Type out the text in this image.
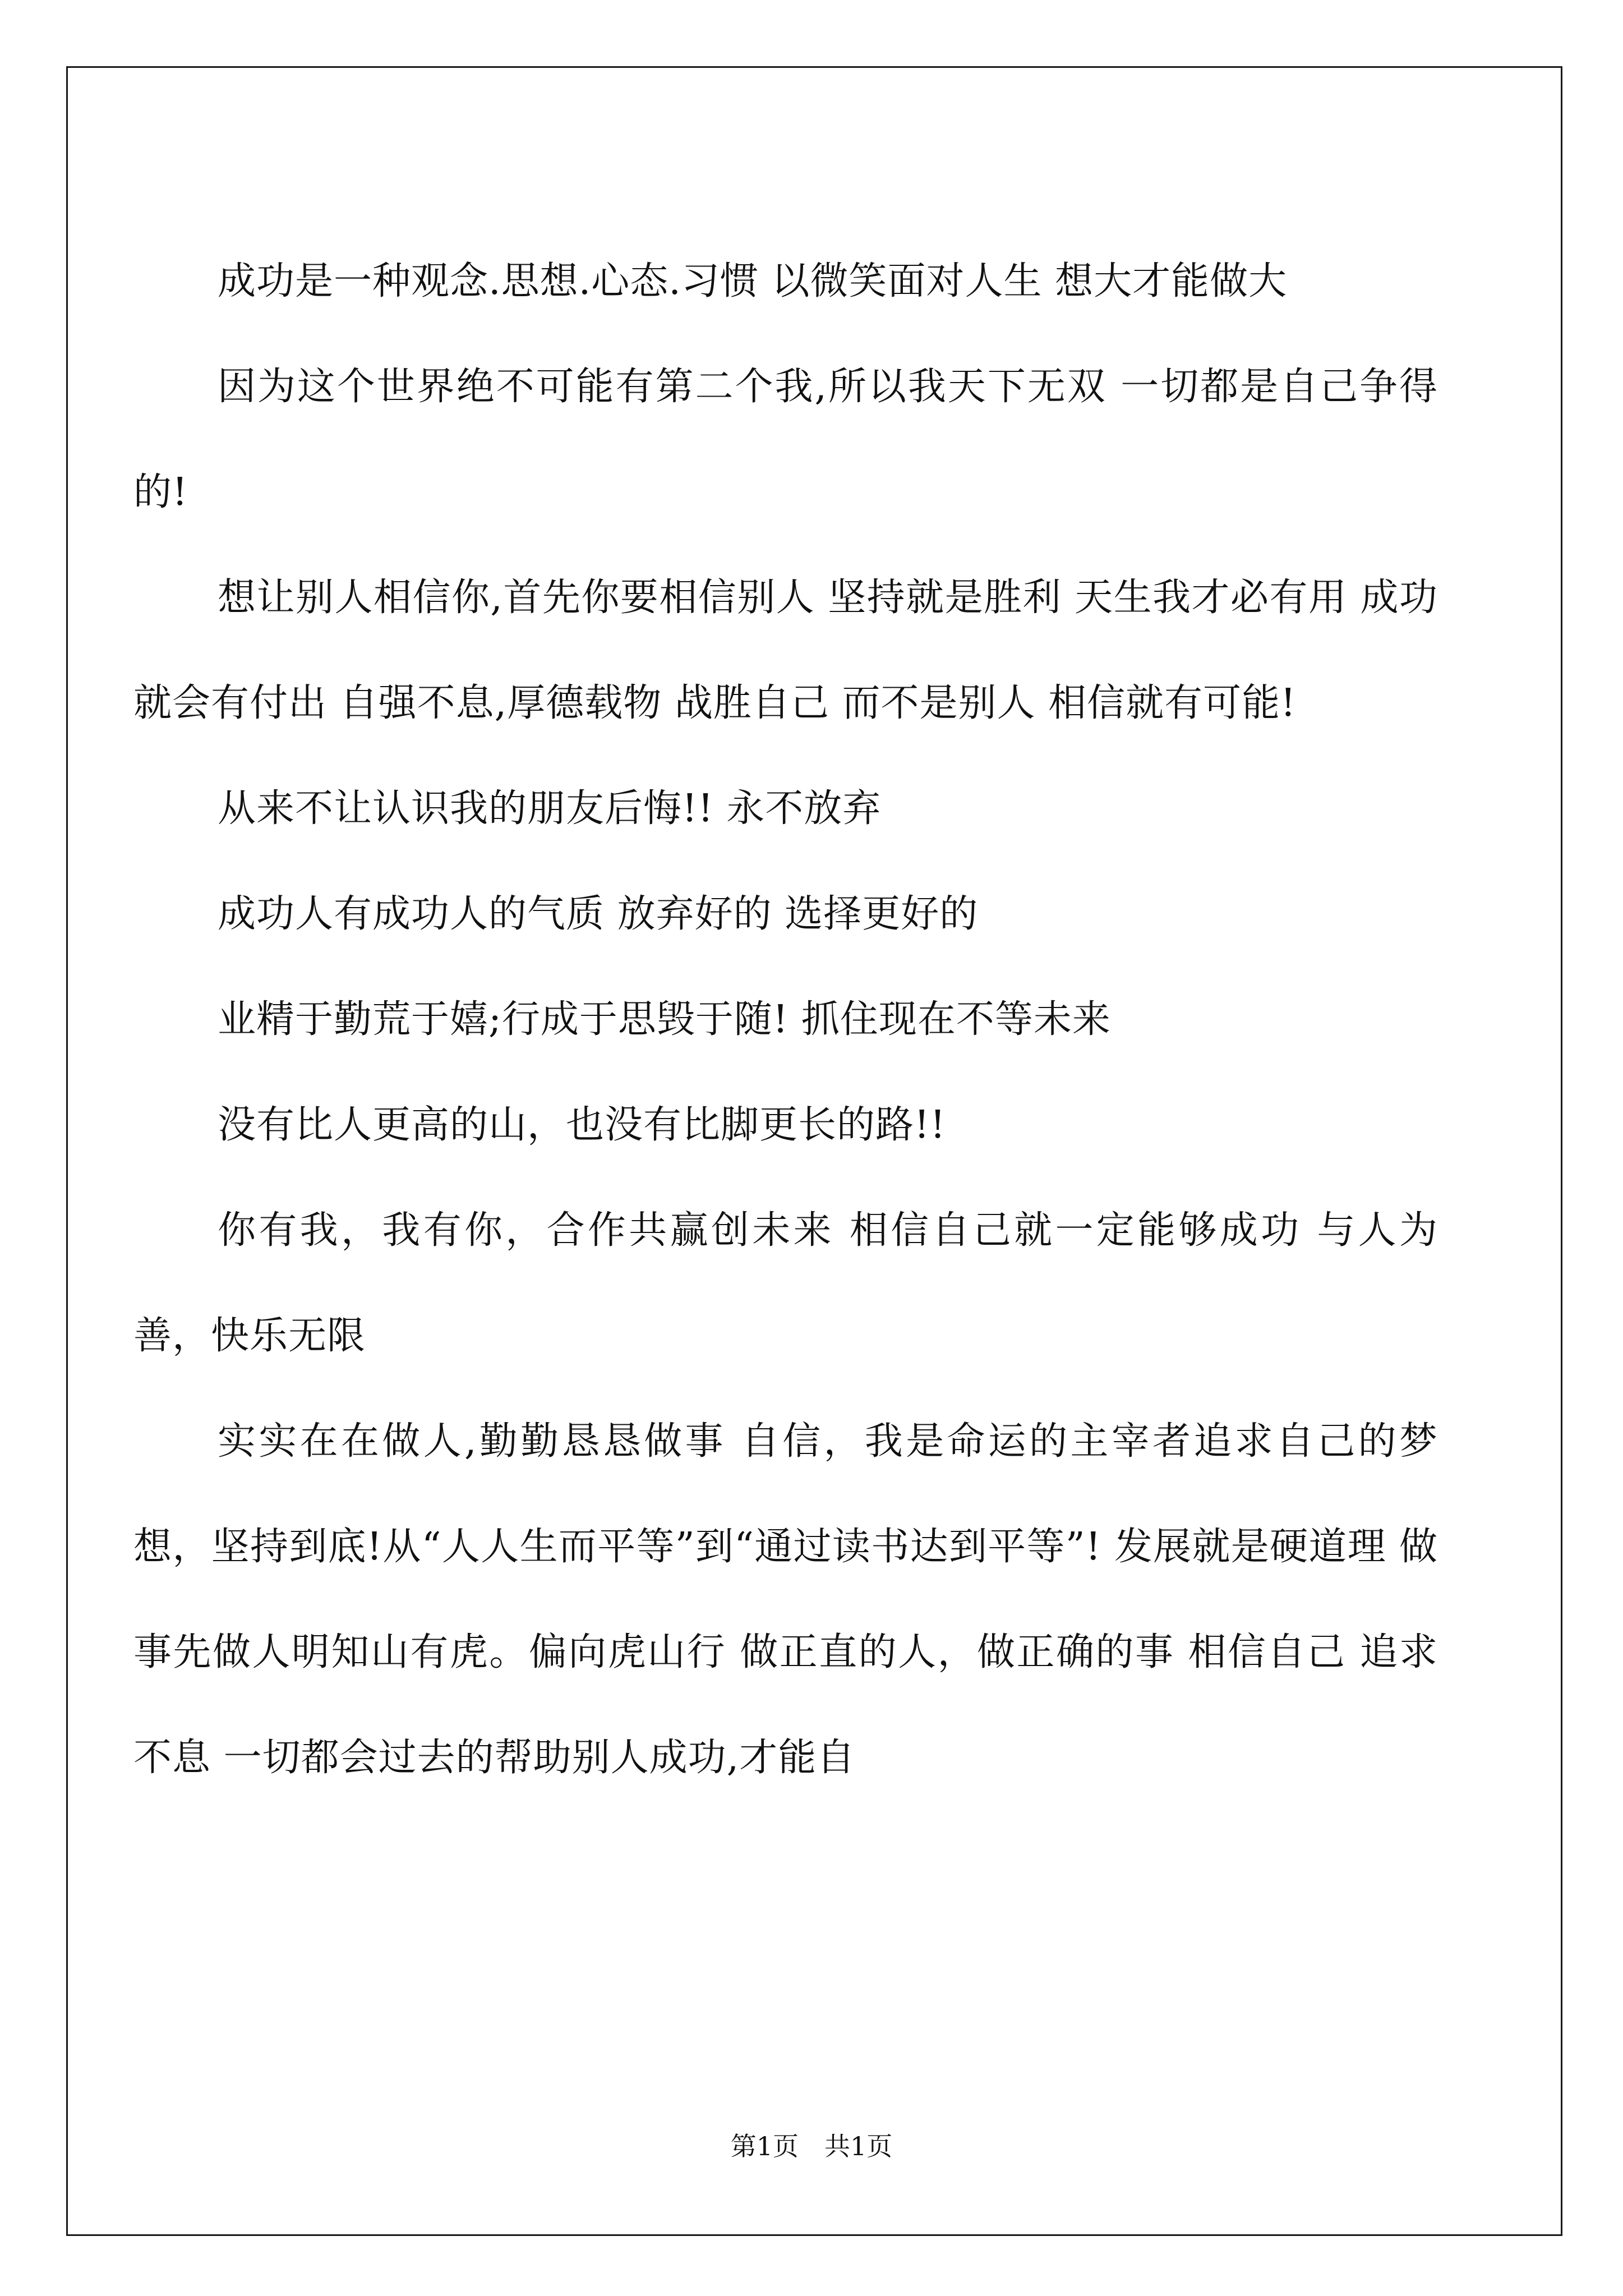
成功是一种观念.思想.心态.习惯 以微笑面对人生 想大才能做大

因为这个世界绝不可能有第二个我,所以我天下无双 一切都是自己争得的!

想让别人相信你,首先你要相信别人 坚持就是胜利 天生我才必有用 成功就会有付出 自强不息,厚德载物 战胜自己 而不是别人 相信就有可能!

从来不让认识我的朋友后悔!! 永不放弃

成功人有成功人的气质 放弃好的 选择更好的

业精于勤荒于嬉;行成于思毁于随! 抓住现在不等未来

没有比人更高的山，也没有比脚更长的路!!

你有我，我有你，合作共赢创未来 相信自己就一定能够成功 与人为善，快乐无限

实实在在做人,勤勤恳恳做事 自信，我是命运的主宰者追求自己的梦想，坚持到底!从“人人生而平等”到“通过读书达到平等”! 发展就是硬道理 做事先做人明知山有虎。偏向虎山行 做正直的人，做正确的事 相信自己 追求不息 一切都会过去的帮助别人成功,才能自

第1页　共1页
